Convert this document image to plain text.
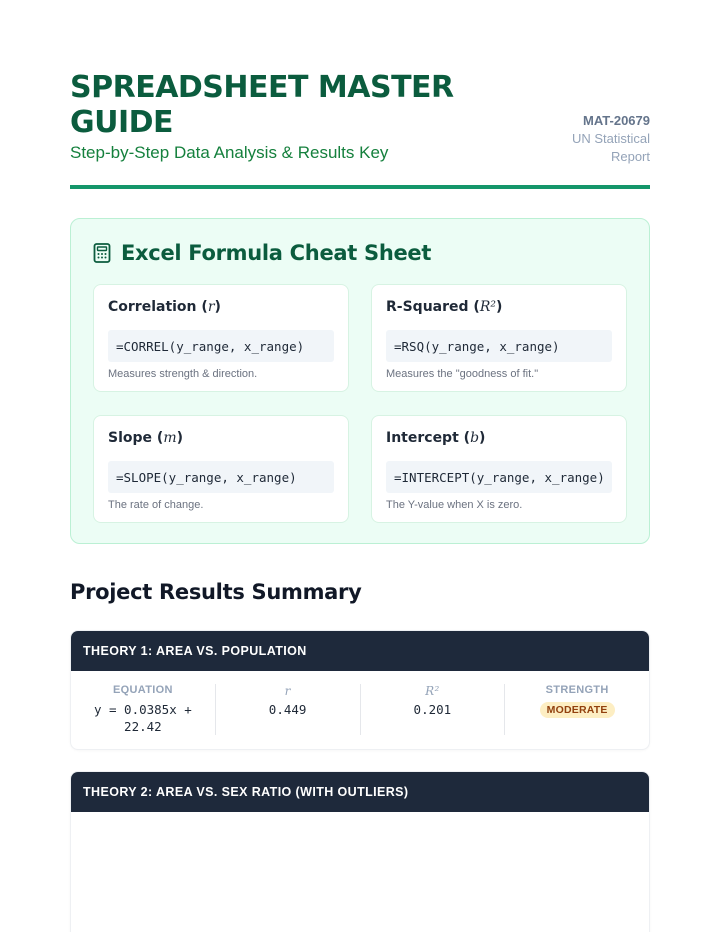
SPREADSHEET MASTER
GUIDE
Step-by-Step Data Analysis & Results Key
MAT-20679
UN Statistical
Report
Excel Formula Cheat Sheet
Correlation (r)
=CORREL(y_range, x_range)
Measures strength & direction.
R-Squared (R²)
=RSQ(y_range, x_range)
Measures the "goodness of fit."
Slope (m)
=SLOPE(y_range, x_range)
The rate of change.
Intercept (b)
=INTERCEPT(y_range, x_range)
The Y-value when X is zero.
Project Results Summary
THEORY 1: AREA VS. POPULATION
EQUATION
y = 0.0385x + 22.42
r
0.449
R²
0.201
STRENGTH
MODERATE
THEORY 2: AREA VS. SEX RATIO (WITH OUTLIERS)
